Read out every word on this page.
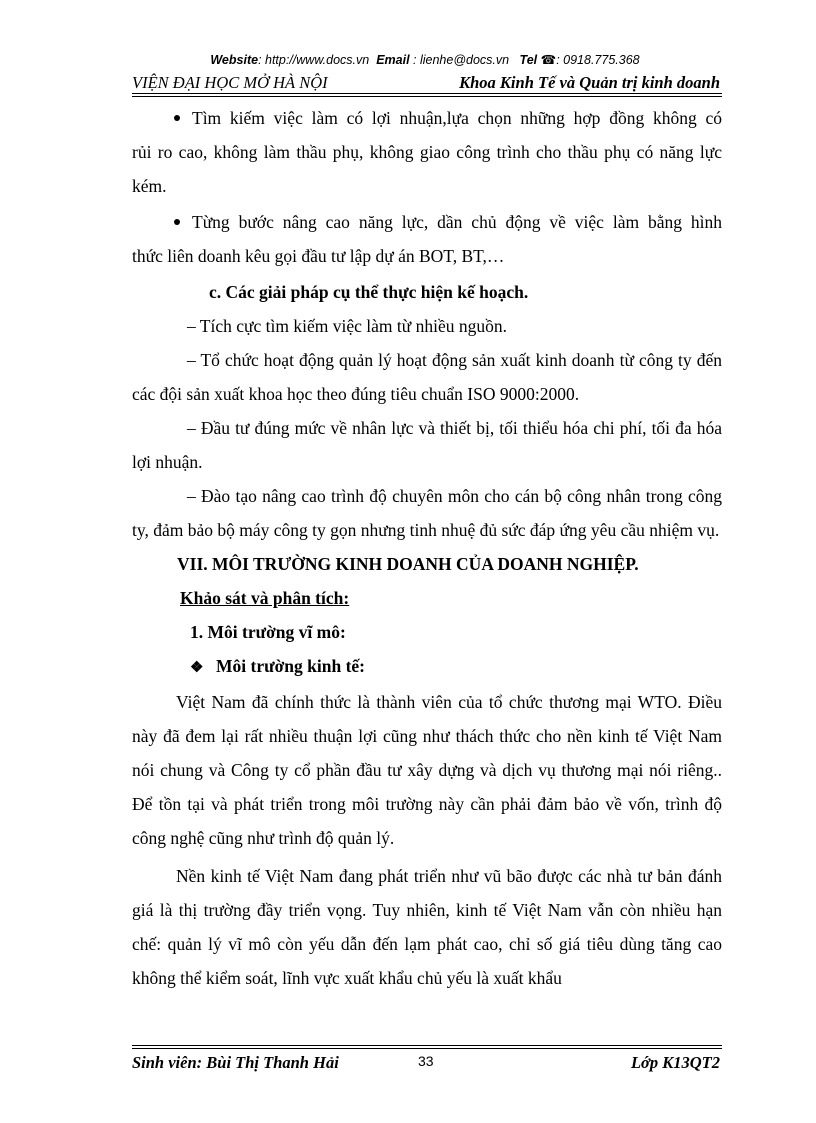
Website: http://www.docs.vn Email : lienhe@docs.vn Tel ☎: 0918.775.368
VIỆN ĐẠI HỌC MỞ HÀ NỘI	Khoa Kinh Tế và Quản trị kinh doanh

Tìm kiếm việc làm có lợi nhuận,lựa chọn những hợp đồng không có

rủi ro cao, không làm thầu phụ, không giao công trình cho thầu phụ có năng lực kém.

Từng bước nâng cao năng lực, dần chủ động về việc làm bằng hình

thức liên doanh kêu gọi đầu tư lập dự án BOT, BT,…

c. Các giải pháp cụ thể thực hiện kế hoạch.

– Tích cực tìm kiếm việc làm từ nhiều nguồn.

– Tổ chức hoạt động quản lý hoạt động sản xuất kinh doanh từ công ty đến các đội sản xuất khoa học theo đúng tiêu chuẩn ISO 9000:2000.

– Đầu tư đúng mức về nhân lực và thiết bị, tối thiểu hóa chi phí, tối đa hóa lợi nhuận.

– Đào tạo nâng cao trình độ chuyên môn cho cán bộ công nhân trong công ty, đảm bảo bộ máy công ty gọn nhưng tinh nhuệ đủ sức đáp ứng yêu cầu nhiệm vụ.

VII. MÔI TRƯỜNG KINH DOANH CỦA DOANH NGHIỆP.

Khảo sát và phân tích:

1. Môi trường vĩ mô:

❖ Môi trường kinh tế:

Việt Nam đã chính thức là thành viên của tổ chức thương mại WTO. Điều này đã đem lại rất nhiều thuận lợi cũng như thách thức cho nền kinh tế Việt Nam nói chung và Công ty cổ phần đầu tư xây dựng và dịch vụ thương mại nói riêng.. Để tồn tại và phát triển trong môi trường này cần phải đảm bảo về vốn, trình độ công nghệ cũng như trình độ quản lý.

Nền kinh tế Việt Nam đang phát triển như vũ bão được các nhà tư bản đánh giá là thị trường đầy triển vọng. Tuy nhiên, kinh tế Việt Nam vẫn còn nhiều hạn chế: quản lý vĩ mô còn yếu dẫn đến lạm phát cao, chỉ số giá tiêu dùng tăng cao không thể kiểm soát, lĩnh vực xuất khẩu chủ yếu là xuất khẩu

Sinh viên: Bùi Thị Thanh Hải	33	Lớp K13QT2
